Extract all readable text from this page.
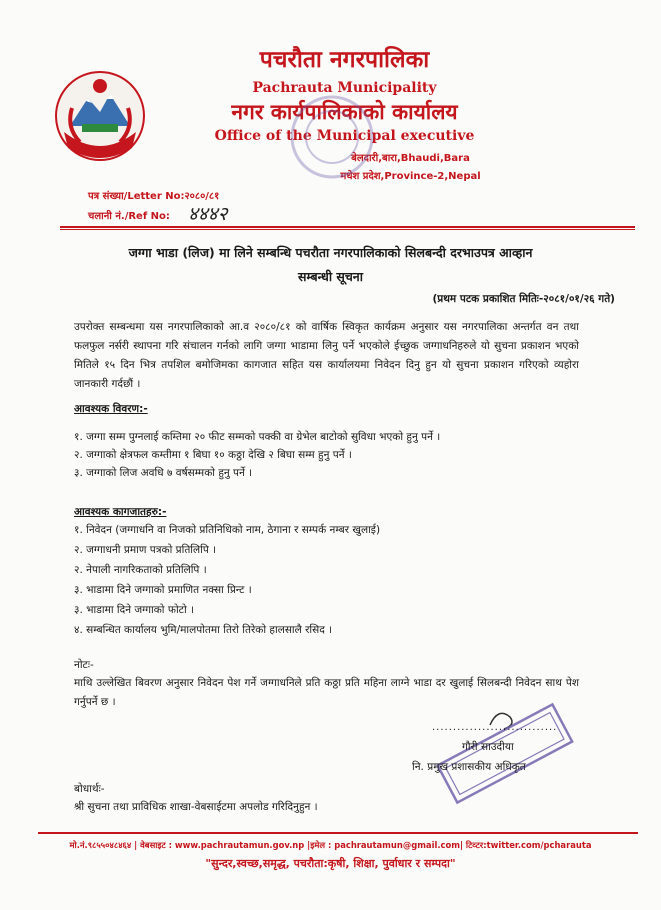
पचरौता नगरपालिका
Pachrauta Municipality
नगर कार्यपालिकाको कार्यालय
Office of the Municipal executive
बेलदारी,बारा,Bhaudi,Bara
मधेश प्रदेश,Province-2,Nepal
पत्र संख्या/Letter No:२०८०/८१
चलानी नं./Ref No: ४४४२
जग्गा भाडा (लिज) मा लिने सम्बन्धि पचरौता नगरपालिकाको सिलबन्दी दरभाउपत्र आव्हान
सम्बन्धी सूचना
(प्रथम पटक प्रकाशित मितिः-२०८१/०१/२६ गते)
उपरोक्त सम्बन्धमा यस नगरपालिकाको आ.व २०८०/८१ को वार्षिक स्विकृत कार्यक्रम अनुसार यस नगरपालिका अन्तर्गत वन तथा फलफुल नर्सरी स्थापना गरि संचालन गर्नको लागि जग्गा भाडामा लिनु पर्ने भएकोले ईच्छुक जग्गाधनिहरुले यो सुचना प्रकाशन भएको मितिले १५ दिन भित्र तपशिल बमोजिमका कागजात सहित यस कार्यालयमा निवेदन दिनु हुन यो सुचना प्रकाशन गरिएको व्यहोरा जानकारी गर्दछौं ।
आवश्यक विवरण:-
१. जग्गा सम्म पुग्नलाई कम्तिमा २० फीट सम्मको पक्की वा ग्रेभेल बाटोको सुविधा भएको हुनु पर्ने ।
२. जग्गाको क्षेत्रफल कम्तीमा १ बिघा १० कठ्ठा देखि २ बिघा सम्म हुनु पर्ने ।
३. जग्गाको लिज अवधि ७ वर्षसम्मको हुनु पर्ने ।
आवश्यक कागजातहरु:-
१. निवेदन (जग्गाधनि वा निजको प्रतिनिधिको नाम, ठेगाना र सम्पर्क नम्बर खुलाई)
२. जग्गाधनी प्रमाण पत्रको प्रतिलिपि ।
२. नेपाली नागरिकताको प्रतिलिपि ।
३. भाडामा दिने जग्गाको प्रमाणित नक्सा प्रिन्ट ।
३. भाडामा दिने जग्गाको फोटो ।
४. सम्बन्धित कार्यालय भुमि/मालपोतमा तिरो तिरेको हालसालै रसिद ।
नोटः-
माथि उल्लेखित बिवरण अनुसार निवेदन पेश गर्ने जग्गाधनिले प्रति कठ्ठा प्रति महिना लाग्ने भाडा दर खुलाई सिलबन्दी निवेदन साथ पेश गर्नुपर्ने छ ।
..............................
गौरी साउदीया
नि. प्रमुख प्रशासकीय अधिकृत
बोधार्थः-
श्री सुचना तथा प्राविधिक शाखा-वेबसाईटमा अपलोड गरिदिनुहुन ।
मो.नं.९८५५०४८४६४ | वेबसाइट : www.pachrautamun.gov.np |इमेल : pachrautamun@gmail.com| टिव्टर:twitter.com/pcharauta
"सुन्दर,स्वच्छ,समृद्ध, पचरौता:कृषी, शिक्षा, पुर्वाधार र सम्पदा"
